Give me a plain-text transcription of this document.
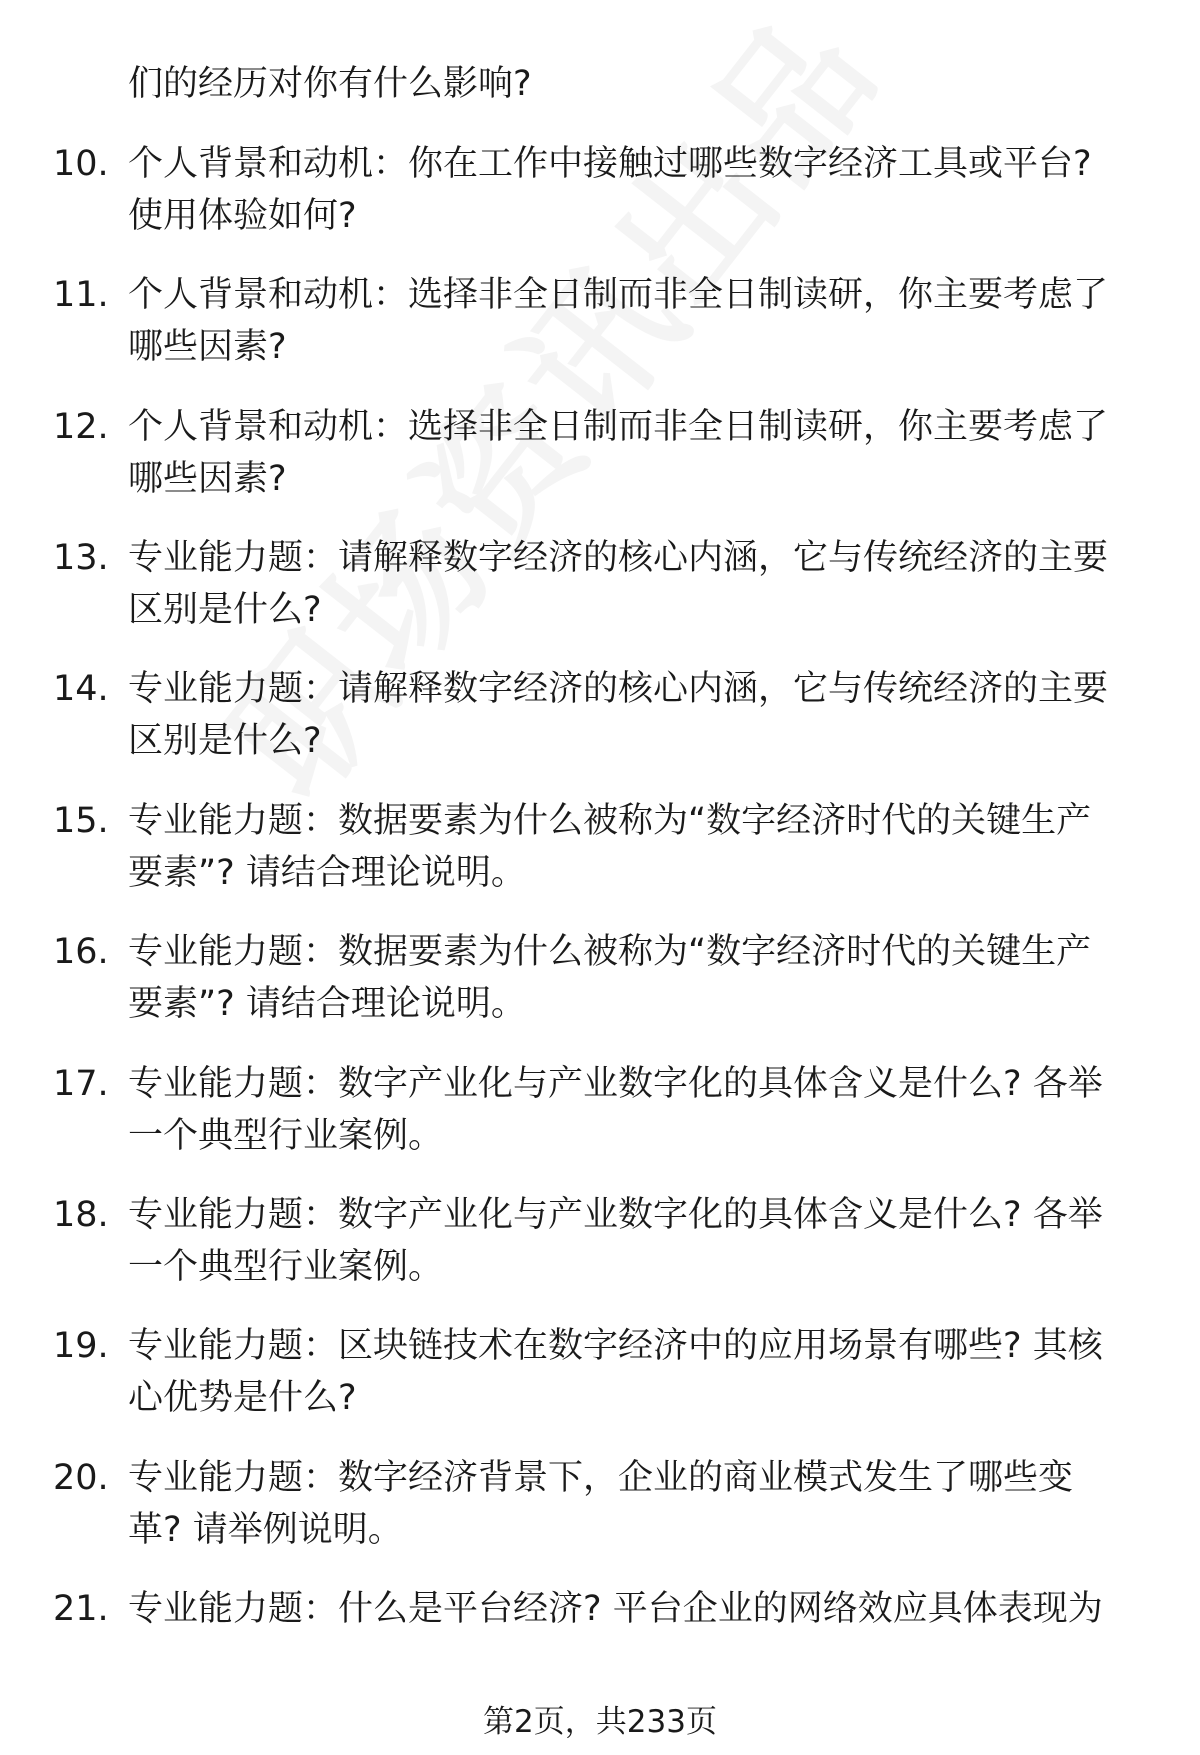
们的经历对你有什么影响?
10. 个人背景和动机：你在工作中接触过哪些数字经济工具或平台?
使用体验如何?
11. 个人背景和动机：选择非全日制而非全日制读研，你主要考虑了
哪些因素?
12. 个人背景和动机：选择非全日制而非全日制读研，你主要考虑了
哪些因素?
13. 专业能力题：请解释数字经济的核心内涵，它与传统经济的主要
区别是什么?
14. 专业能力题：请解释数字经济的核心内涵，它与传统经济的主要
区别是什么?
15. 专业能力题：数据要素为什么被称为“数字经济时代的关键生产
要素”? 请结合理论说明。
16. 专业能力题：数据要素为什么被称为“数字经济时代的关键生产
要素”? 请结合理论说明。
17. 专业能力题：数字产业化与产业数字化的具体含义是什么? 各举
一个典型行业案例。
18. 专业能力题：数字产业化与产业数字化的具体含义是什么? 各举
一个典型行业案例。
19. 专业能力题：区块链技术在数字经济中的应用场景有哪些? 其核
心优势是什么?
20. 专业能力题：数字经济背景下，企业的商业模式发生了哪些变
革? 请举例说明。
21. 专业能力题：什么是平台经济? 平台企业的网络效应具体表现为
第2页，共233页
